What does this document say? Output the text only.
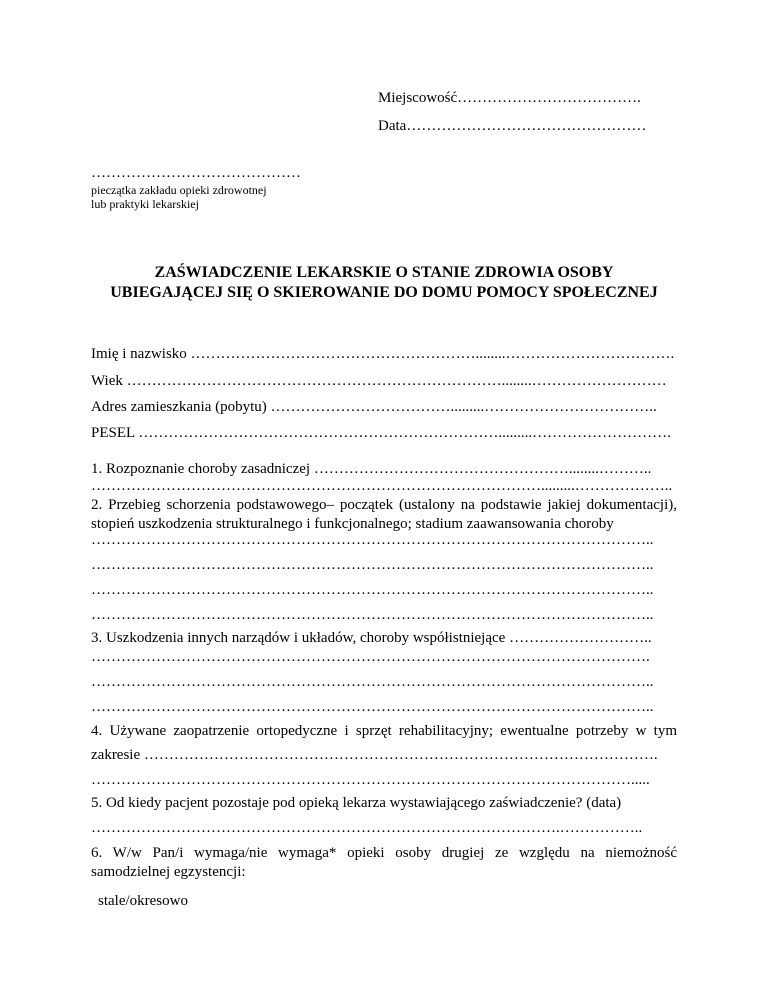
Miejscowość……………………………….
Data…………………………………………
……………………………………
pieczątka zakładu opieki zdrowotnej
lub praktyki lekarskiej
ZAŚWIADCZENIE LEKARSKIE O STANIE ZDROWIA OSOBY
UBIEGAJĄCEJ SIĘ O SKIEROWANIE DO DOMU POMOCY SPOŁECZNEJ
Imię i nazwisko …………………………………………………........…………………………….
Wiek …………………………………………………………………........………………………
Adres zamieszkania (pobytu) ……………………………….........……………………………..
PESEL ……………………………………………………………….........……………………….
1. Rozpoznanie choroby zasadniczej ……………………………………………........………..
……………………………………………………………………………….........………………..
2. Przebieg schorzenia podstawowego– początek (ustalony na podstawie jakiej dokumentacji), stopień uszkodzenia strukturalnego i funkcjonalnego; stadium zaawansowania choroby
…………………………………………………………………………………………………..
…………………………………………………………………………………………………..
…………………………………………………………………………………………………..
…………………………………………………………………………………………………..
3. Uszkodzenia innych narządów i układów, choroby współistniejące ………………………..
………………………………………………………………………………………………….
…………………………………………………………………………………………………..
…………………………………………………………………………………………………..
4. Używane zaopatrzenie ortopedyczne i sprzęt rehabilitacyjny; ewentualne potrzeby w tym
zakresie ………………………………………………………………………………………….
……………………………………………………………………………………………….....
5. Od kiedy pacjent pozostaje pod opieką lekarza wystawiającego zaświadczenie? (data)
………………………………………………………………………………….……………..
6. W/w Pan/i wymaga/nie wymaga* opieki osoby drugiej ze względu na niemożność samodzielnej egzystencji:
stale/okresowo
